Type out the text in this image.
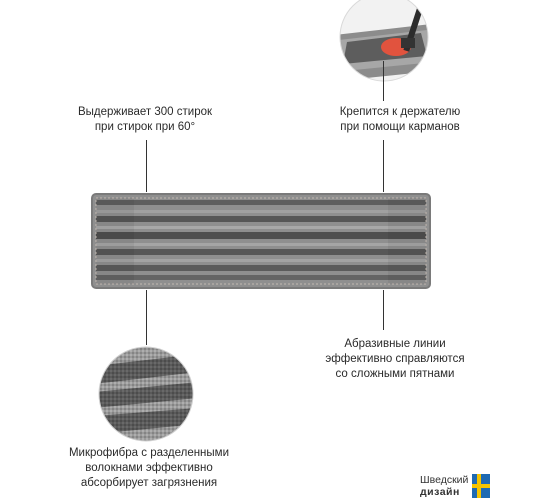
Выдерживает 300 стирок
при стирок при 60°
Крепится к держателю
при помощи карманов
Абразивные линии
эффективно справляются
со сложными пятнами
Микрофибра с разделенными
волокнами эффективно
абсорбирует загрязнения	Шведский
дизайн
